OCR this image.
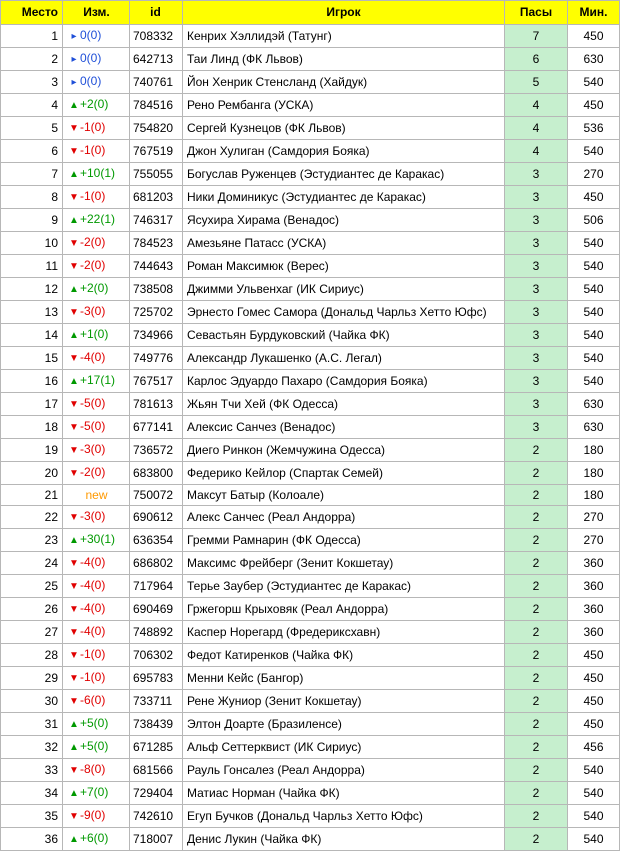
Место	Изм.	id	Игрок	Пасы	Мин.
1	▸ 0(0)	708332	Кенрих Хэллидэй (Татунг)	7	450
2	▸ 0(0)	642713	Таи Линд (ФК Львов)	6	630
3	▸ 0(0)	740761	Йон Хенрик Стенсланд (Хайдук)	5	540
4	▲+2(0)	784516	Рено Рембанга (УСКА)	4	450
5	▼-1(0)	754820	Сергей Кузнецов (ФК Львов)	4	536
6	▼-1(0)	767519	Джон Хулиган (Самдория Бояка)	4	540
7	▲+10(1)	755055	Богуслав Руженцев (Эстудиантес де Каракас)	3	270
8	▼-1(0)	681203	Ники Доминикус (Эстудиантес де Каракас)	3	450
9	▲+22(1)	746317	Ясухира Хирама (Венадос)	3	506
10	▼-2(0)	784523	Амезьяне Патасс (УСКА)	3	540
11	▼-2(0)	744643	Роман Максимюк (Верес)	3	540
12	▲+2(0)	738508	Джимми Ульвенхаг (ИК Сириус)	3	540
13	▼-3(0)	725702	Эрнесто Гомес Самора (Дональд Чарльз Хетто Юфс)	3	540
14	▲+1(0)	734966	Севастьян Бурдуковский (Чайка ФК)	3	540
15	▼-4(0)	749776	Александр Лукашенко (А.С. Легал)	3	540
16	▲+17(1)	767517	Карлос Эдуардо Пахаро (Самдория Бояка)	3	540
17	▼-5(0)	781613	Жьян Тчи Хей (ФК Одесса)	3	630
18	▼-5(0)	677141	Алексис Санчез (Венадос)	3	630
19	▼-3(0)	736572	Диего Ринкон (Жемчужина Одесса)	2	180
20	▼-2(0)	683800	Федерико Кейлор (Спартак Семей)	2	180
21	new	750072	Максут Батыр (Колоале)	2	180
22	▼-3(0)	690612	Алекс Санчес (Реал Андорра)	2	270
23	▲+30(1)	636354	Гремми Рамнарин (ФК Одесса)	2	270
24	▼-4(0)	686802	Максимс Фрейберг (Зенит Кокшетау)	2	360
25	▼-4(0)	717964	Терье Заубер (Эстудиантес де Каракас)	2	360
26	▼-4(0)	690469	Гржегорш Крыховяк (Реал Андорра)	2	360
27	▼-4(0)	748892	Каспер Норегард (Фредериксхавн)	2	360
28	▼-1(0)	706302	Федот Катиренков (Чайка ФК)	2	450
29	▼-1(0)	695783	Менни Кейс (Бангор)	2	450
30	▼-6(0)	733711	Рене Жуниор (Зенит Кокшетау)	2	450
31	▲+5(0)	738439	Элтон Доарте (Бразиленсе)	2	450
32	▲+5(0)	671285	Альф Сеттерквист (ИК Сириус)	2	456
33	▼-8(0)	681566	Рауль Гонсалез (Реал Андорра)	2	540
34	▲+7(0)	729404	Матиас Норман (Чайка ФК)	2	540
35	▼-9(0)	742610	Егуп Бучков (Дональд Чарльз Хетто Юфс)	2	540
36	▲+6(0)	718007	Денис Лукин (Чайка ФК)	2	540
